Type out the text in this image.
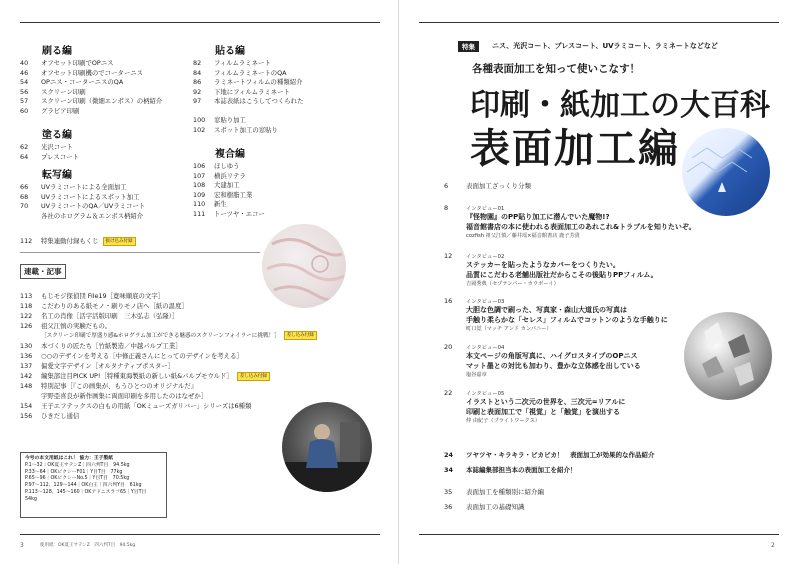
刷る編
40 オフセット印刷でOPニス
46 オフセット印刷機のでコーターニス
54 OPニス・コーターニスのQA
56 スクリーン印刷
57 スクリーン印刷（微細エンボス）の柄紹介
60 グラビア印刷
塗る編
62 光沢コート
64 プレスコート
転写編
66 UVラミコートによる全面加工
68 UVラミコートによるスポット加工
70 UVラミコートのQA／UVラミコート
各社のホログラム＆エンボス柄紹介
貼る編
82 フィルムラミネート
84 フィルムラミネートのQA
86 ラミネートフィルムの種類紹介
92 下地にフィルムラミネート
97 本誌表紙はこうしてつくられた
100 窓貼り加工
102 スポット加工の窓貼り
複合編
106 ほしゆう
107 横浜リテラ
108 大建加工
109 宏和樹脂工業
110 新生
111 トーツヤ・エコー
112 特集連動付録もくじ 抜け込み付録
連載・記事
113 もじモジ探偵団 File19［寛味順底の文字］
118 こだわりのある紙モノ・刷りモノ店へ［紙の温度］
122 名工の肖像［活字活版印刷　三木弘志（弘隆）］
126 祖父江慎の実験だもの。
［スクリーン印刷で厚盛り感&ホログラム加工ができる魅惑のスクリーンフォイラーに挑戦！］ 差し込み付録
130 本づくりの匠たち［竹紙製造／中越パルプ工業］
136 ○○のデザインを考える［中條正義さんにとってのデザインを考える］
137 偏愛文字デザイン［オルタナティブポスター］
142 編集部注目PICK UP!［特種東海製紙の新しい紙&パルプモウルド］ 差し込み付録
148 特別記事［『この画集が、もうひとつのオリジナルだ』
宇野亞喜良が新作画集に両面印刷を多用したのはなぜか］
154 王子エフテックスの白もの用紙「OKミューズガリバー」シリーズは6種類
156 ひきだし通信
今号の本文用紙はこれ！ 協力：王子製紙
P.1〜32｜OK夏王サテンZ｜四六判T目　94.5kg
P.33〜64｜OKピクシーF01｜Y目T目　77kg
P.65〜96｜OKピクシーNo.5｜Y目T目　70.5kg
P.97〜112、129〜144｜OK白王｜四六判Y目　61kg
P.113〜128、145〜160｜OKアドニスラフ65｜Y目T目　54kg
3	使用紙：OK夏王サテンZ　四六判T目　94.5kg	2
特集	ニス、光沢コート、プレスコート、UVラミコート、ラミネートなどなど
各種表面加工を知って使いこなす！
印刷・紙加工の大百科
表面加工編
6	表面加工ざっくり分類
8	インタビュー01
『怪物園』のPP貼り加工に潜んでいた魔物!?
福音館書店の本に使われる表面加工のあれこれ&トラブルを知りたいぞ。
cozfish 祖父江慎／藤井瑶×福音館書店 鹿子芳貴
12	インタビュー02
ステッカーを貼ったようなカバーをつくりたい。
品質にこだわる老舗出版社だからこその後貼りPPフィルム。
吉岡秀典（セプテンバー・カウボーイ）
16	インタビュー03
大胆な色調で刷った、写真家・森山大道氏の写真は
手触り柔らかな「セレス」フィルムでコットンのような手触りに
町口覚（マッチ アンド カンパニー）
20	インタビュー04
本文ページの角版写真に、ハイグロスタイプのOPニス
マット墨との対比も加わり、豊かな立体感を出している
塩谷嘉章
22	インタビュー05
イラストという二次元の世界を、三次元=リアルに
印刷と表面加工で「視覚」と「触覚」を演出する
仲 由紀子（プライトワークス）
24 ツヤツヤ・キラキラ・ピカピカ！　表面加工が効果的な作品紹介
34 本誌編集部担当本の表面加工を紹介！
35 表面加工を種類別に紹介編
36 表面加工の基礎知識
